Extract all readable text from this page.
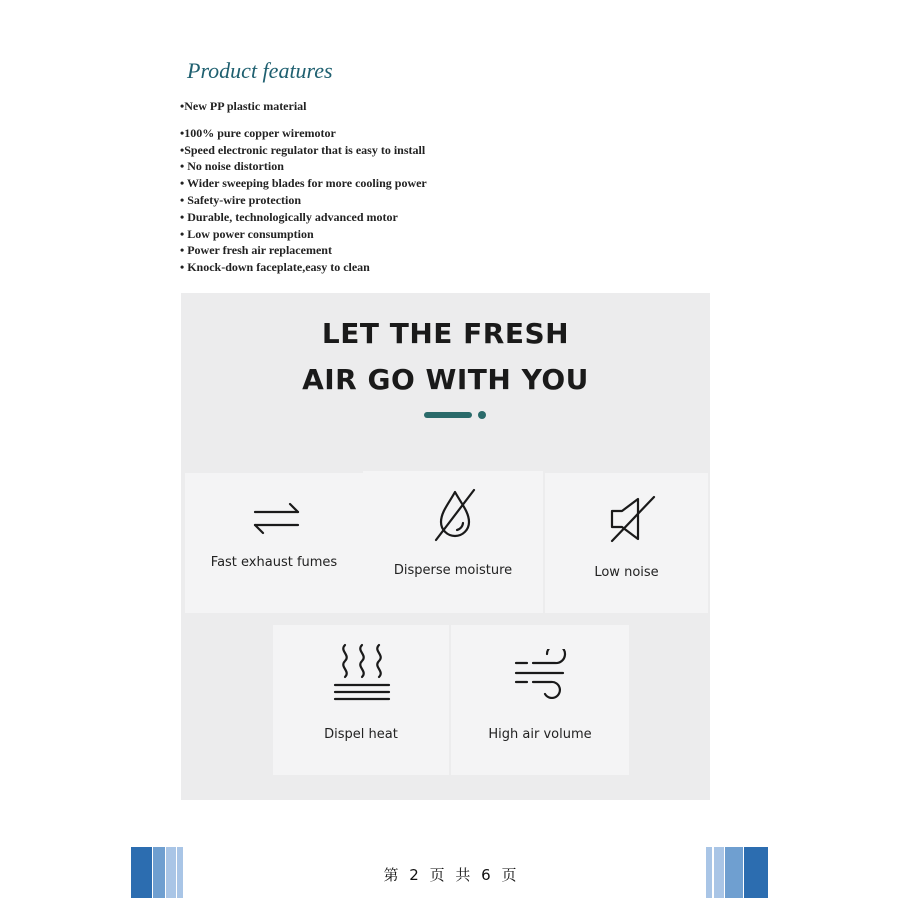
Product features
•New PP plastic material
•100% pure copper wiremotor
•Speed electronic regulator that is easy to install
• No noise distortion
• Wider sweeping blades for more cooling power
• Safety-wire protection
• Durable, technologically advanced motor
• Low power consumption
• Power fresh air replacement
• Knock-down faceplate,easy to clean
LET THE FRESH
AIR GO WITH YOU
Fast exhaust fumes
Disperse moisture	Low noise
Dispel heat	High air volume
第 2 页 共 6 页
